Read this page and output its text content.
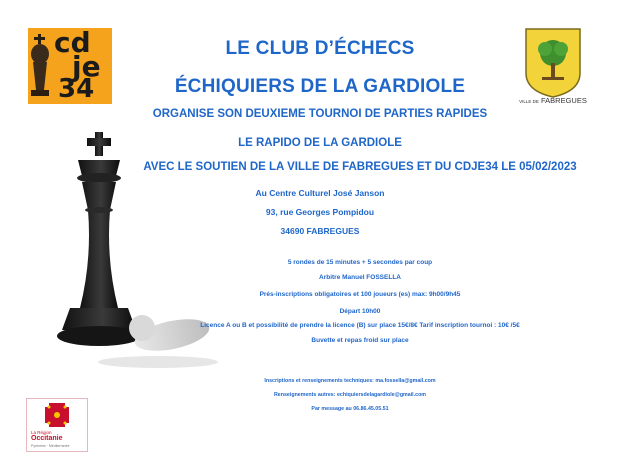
cd
je
34	VILLE DE FABREGUES
LE CLUB D’ÉCHECS
ÉCHIQUIERS DE LA GARDIOLE
ORGANISE SON DEUXIEME TOURNOI DE PARTIES RAPIDES
LE RAPIDO DE LA GARDIOLE
AVEC LE SOUTIEN DE LA VILLE DE FABREGUES ET DU CDJE34 LE 05/02/2023
Au Centre Culturel José Janson
93, rue Georges Pompidou
34690 FABREGUES
5 rondes de 15 minutes + 5 secondes par coup
Arbitre Manuel FOSSELLA
Prés-inscriptions obligatoires et 100 joueurs (es) max: 9h00/9h45
Départ 10h00
Licence A ou B et possibilité de prendre la licence (B) sur place 15€/8€ Tarif inscription tournoi : 10€ /5€
Buvette et repas froid sur place
Inscriptions et renseignements techniques: ma.fossella@gmail.com
Renseignements autres: echiquiersdelagardiole@gmail.com
Par message au 06.86.45.05.51
La Région
Occitanie
Pyrénées · Méditerranée
